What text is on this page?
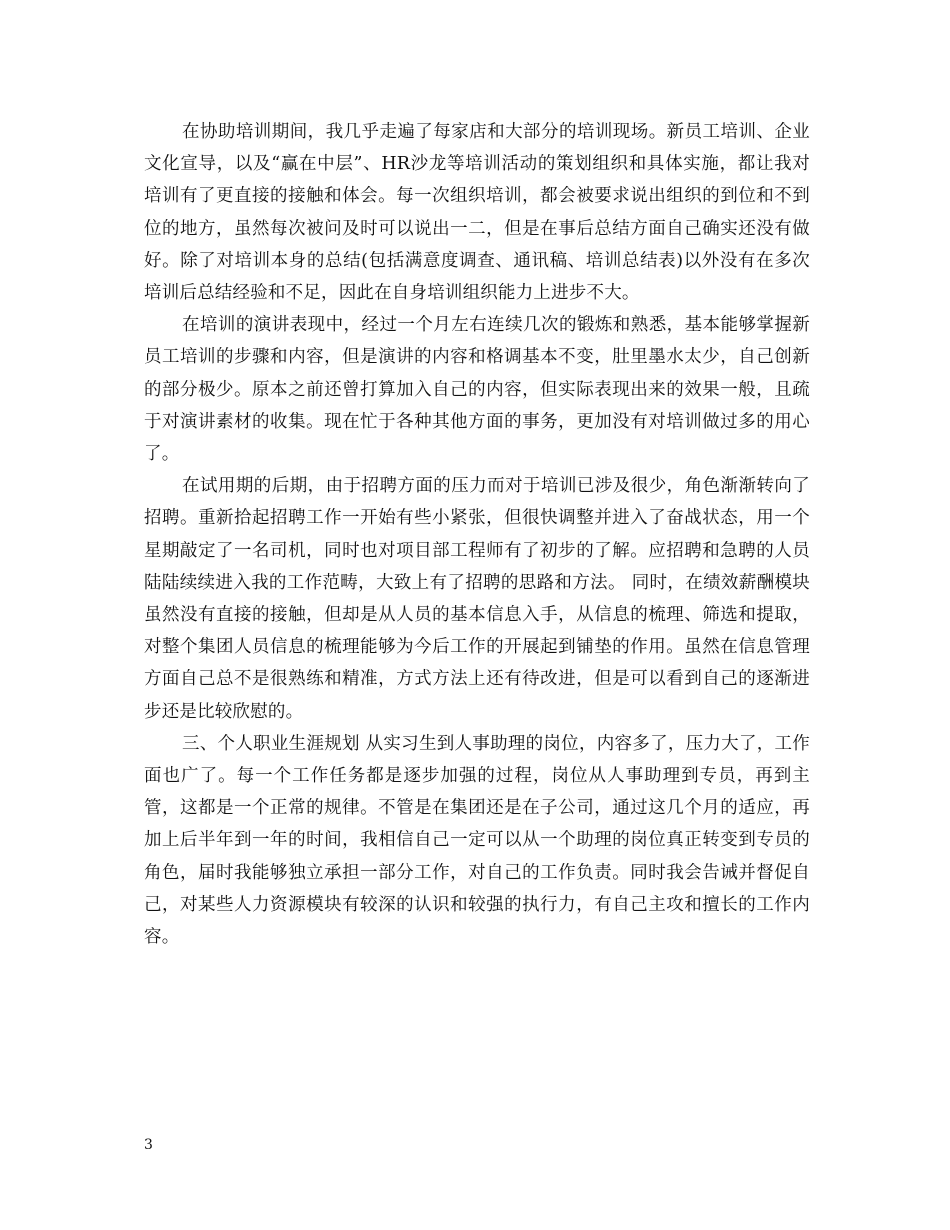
在协助培训期间，我几乎走遍了每家店和大部分的培训现场。新员工培训、企业文化宣导，以及“赢在中层”、HR沙龙等培训活动的策划组织和具体实施，都让我对培训有了更直接的接触和体会。每一次组织培训，都会被要求说出组织的到位和不到位的地方，虽然每次被问及时可以说出一二，但是在事后总结方面自己确实还没有做好。除了对培训本身的总结(包括满意度调查、通讯稿、培训总结表)以外没有在多次培训后总结经验和不足，因此在自身培训组织能力上进步不大。

在培训的演讲表现中，经过一个月左右连续几次的锻炼和熟悉，基本能够掌握新员工培训的步骤和内容，但是演讲的内容和格调基本不变，肚里墨水太少，自己创新的部分极少。原本之前还曾打算加入自己的内容，但实际表现出来的效果一般，且疏于对演讲素材的收集。现在忙于各种其他方面的事务，更加没有对培训做过多的用心了。

在试用期的后期，由于招聘方面的压力而对于培训已涉及很少，角色渐渐转向了招聘。重新拾起招聘工作一开始有些小紧张，但很快调整并进入了奋战状态，用一个星期敲定了一名司机，同时也对项目部工程师有了初步的了解。应招聘和急聘的人员陆陆续续进入我的工作范畴，大致上有了招聘的思路和方法。 同时，在绩效薪酬模块虽然没有直接的接触，但却是从人员的基本信息入手，从信息的梳理、筛选和提取，对整个集团人员信息的梳理能够为今后工作的开展起到铺垫的作用。虽然在信息管理方面自己总不是很熟练和精准，方式方法上还有待改进，但是可以看到自己的逐渐进步还是比较欣慰的。

三、个人职业生涯规划 从实习生到人事助理的岗位，内容多了，压力大了，工作面也广了。每一个工作任务都是逐步加强的过程，岗位从人事助理到专员，再到主管，这都是一个正常的规律。不管是在集团还是在子公司，通过这几个月的适应，再加上后半年到一年的时间，我相信自己一定可以从一个助理的岗位真正转变到专员的角色，届时我能够独立承担一部分工作，对自己的工作负责。同时我会告诫并督促自己，对某些人力资源模块有较深的认识和较强的执行力，有自己主攻和擅长的工作内容。

3
